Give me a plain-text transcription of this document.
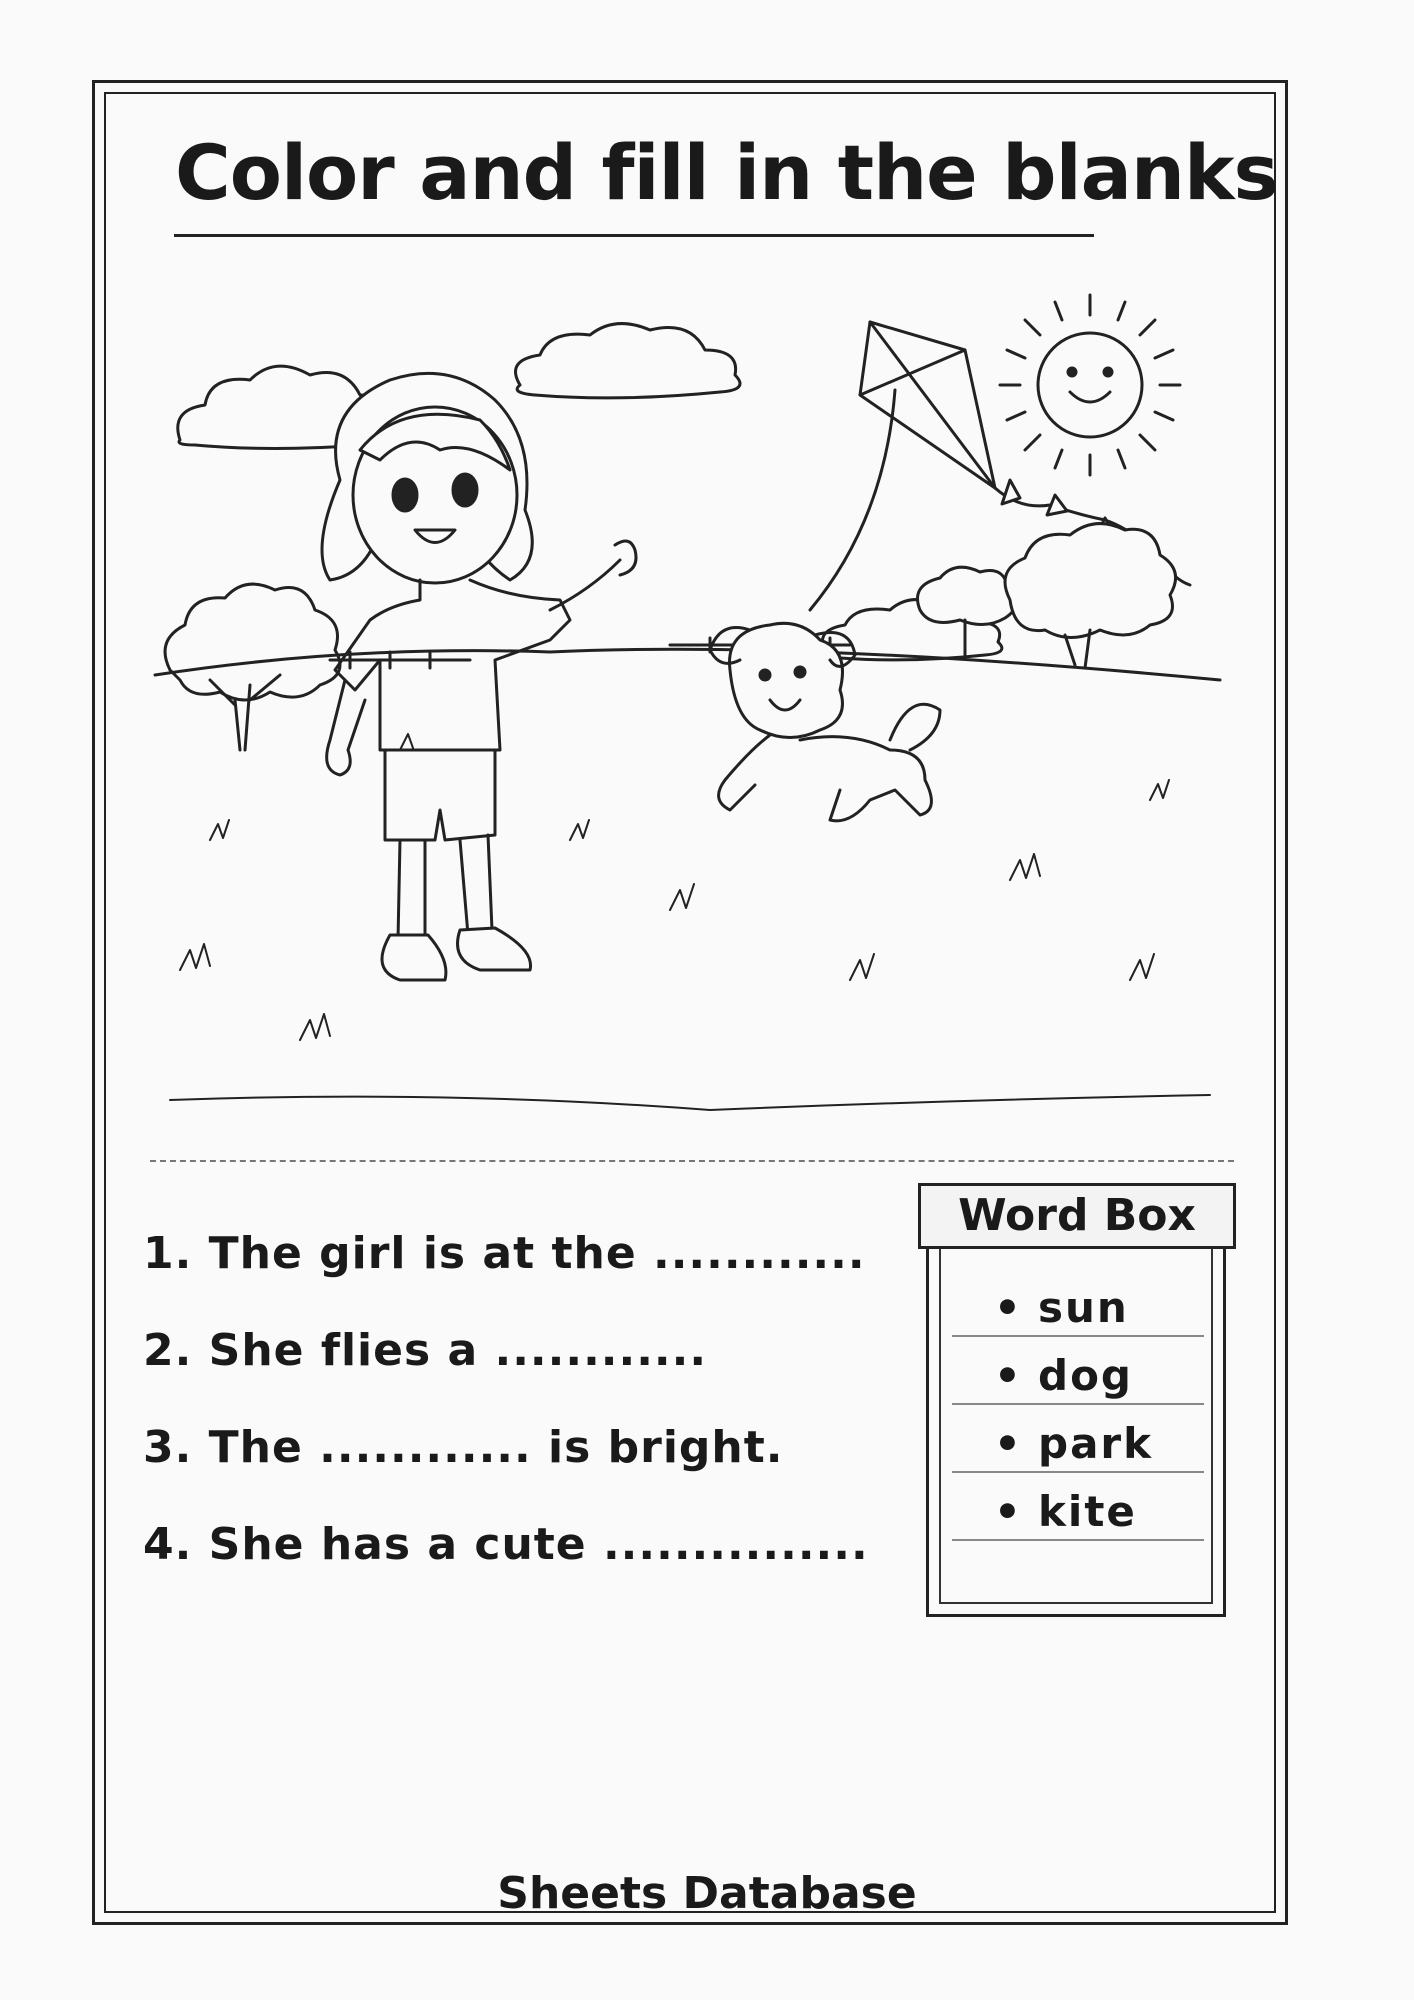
Color and fill in the blanks
1. The girl is at the ............
2. She flies a ............
3. The ............ is bright.
4. She has a cute ...............
Word Box
• sun
• dog
• park
• kite
Sheets Database
